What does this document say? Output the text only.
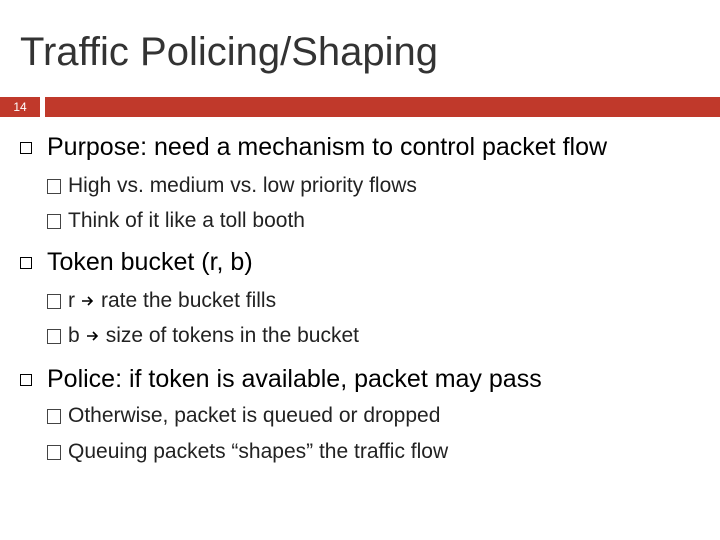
Traffic Policing/Shaping
14
Purpose: need a mechanism to control packet flow
High vs. medium vs. low priority flows
Think of it like a toll booth
Token bucket (r, b)
r rate the bucket fills
b size of tokens in the bucket
Police: if token is available, packet may pass
Otherwise, packet is queued or dropped
Queuing packets “shapes” the traffic flow
